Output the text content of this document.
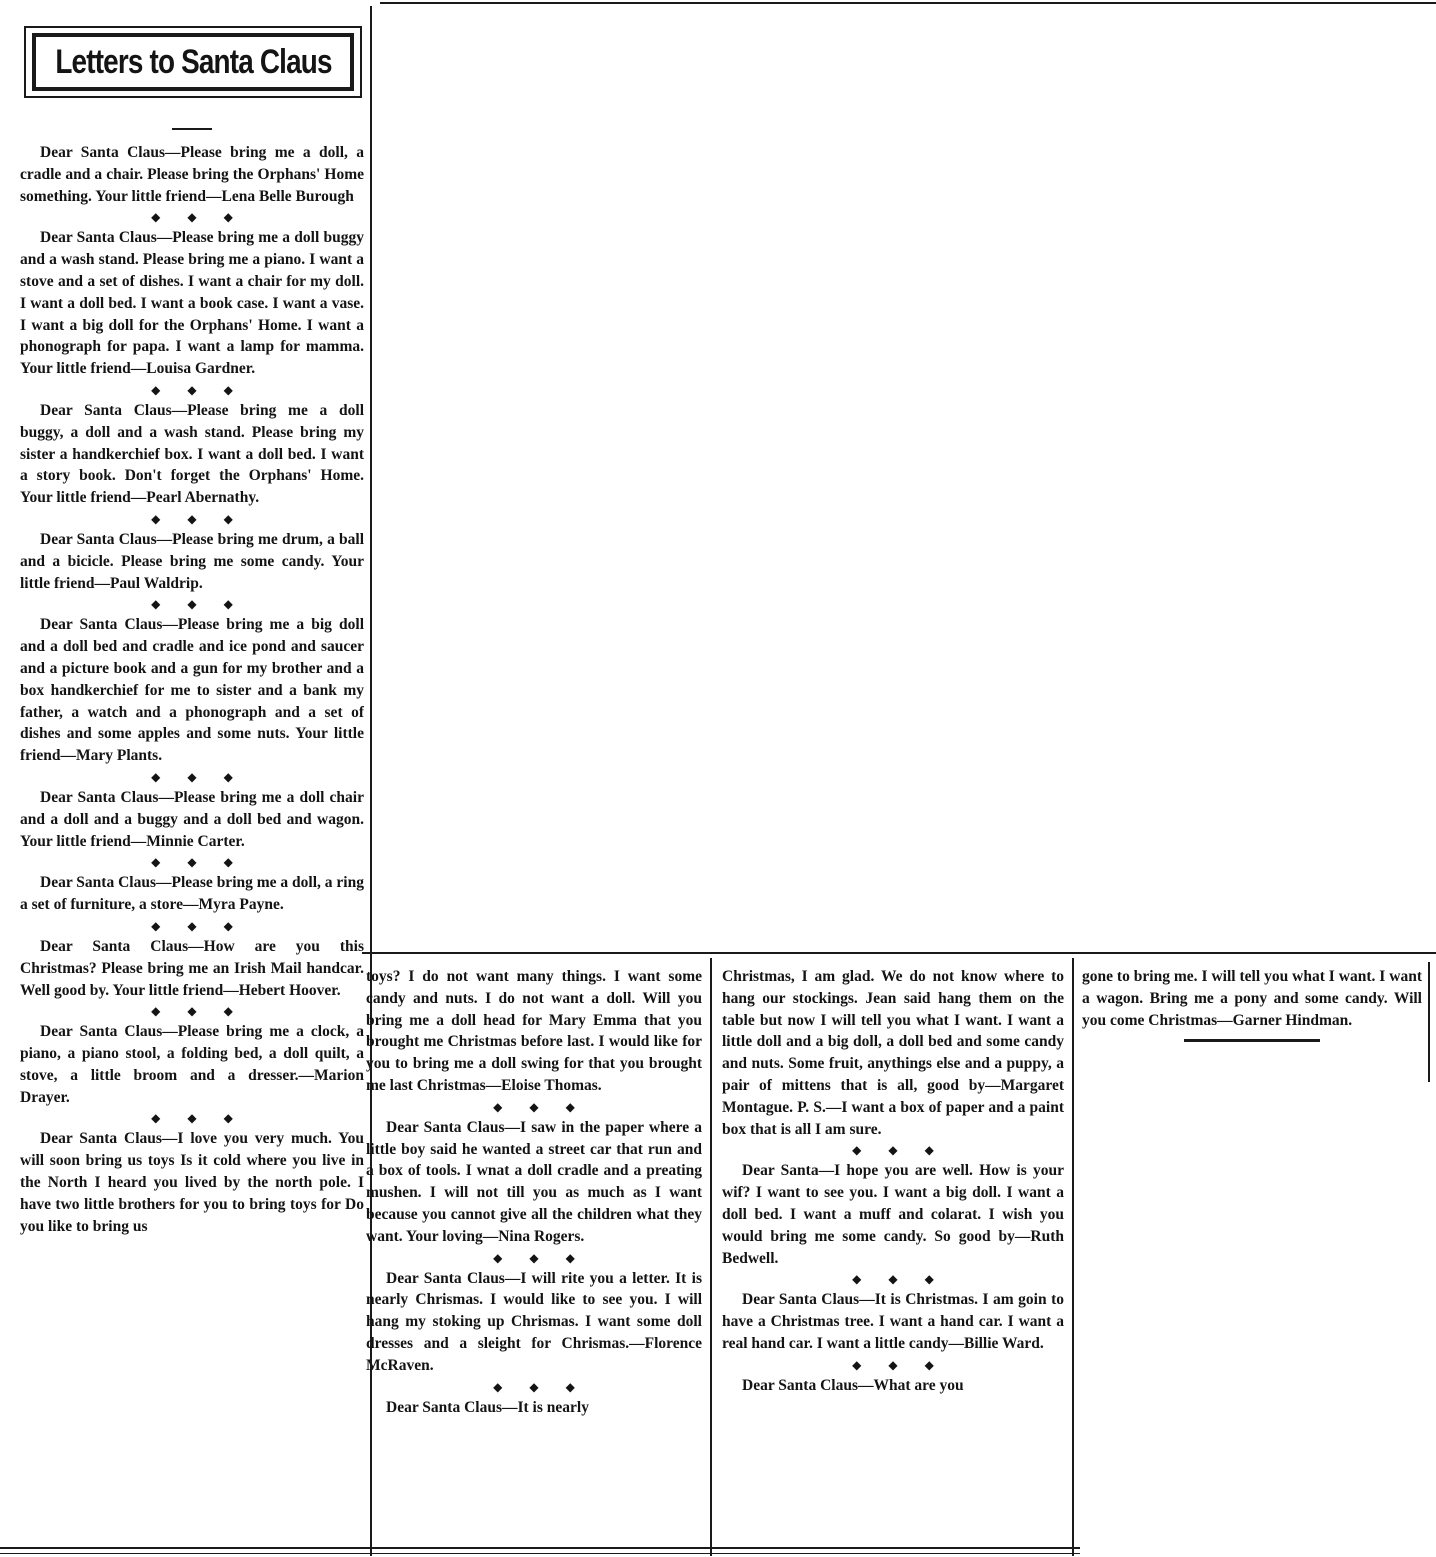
Letters to Santa Claus

Dear Santa Claus—Please bring me a doll, a cradle and a chair. Please bring the Orphans' Home something. Your little friend—Lena Belle Burough

◆ ◆ ◆

Dear Santa Claus—Please bring me a doll buggy and a wash stand. Please bring me a piano. I want a stove and a set of dishes. I want a chair for my doll. I want a doll bed. I want a book case. I want a vase. I want a big doll for the Orphans' Home. I want a phonograph for papa. I want a lamp for mamma. Your little friend—Louisa Gardner.

◆ ◆ ◆

Dear Santa Claus—Please bring me a doll buggy, a doll and a wash stand. Please bring my sister a handkerchief box. I want a doll bed. I want a story book. Don't forget the Orphans' Home. Your little friend—Pearl Abernathy.

◆ ◆ ◆

Dear Santa Claus—Please bring me drum, a ball and a bicicle. Please bring me some candy. Your little friend—Paul Waldrip.

◆ ◆ ◆

Dear Santa Claus—Please bring me a big doll and a doll bed and cradle and ice pond and saucer and a picture book and a gun for my brother and a box handkerchief for me to sister and a bank my father, a watch and a phonograph and a set of dishes and some apples and some nuts. Your little friend—Mary Plants.

◆ ◆ ◆

Dear Santa Claus—Please bring me a doll chair and a doll and a buggy and a doll bed and wagon. Your little friend—Minnie Carter.

◆ ◆ ◆

Dear Santa Claus—Please bring me a doll, a ring a set of furniture, a store—Myra Payne.

◆ ◆ ◆

Dear Santa Claus—How are you this Christmas? Please bring me an Irish Mail handcar. Well good by. Your little friend—Hebert Hoover.

◆ ◆ ◆

Dear Santa Claus—Please bring me a clock, a piano, a piano stool, a folding bed, a doll quilt, a stove, a little broom and a dresser.—Marion Drayer.

◆ ◆ ◆

Dear Santa Claus—I love you very much. You will soon bring us toys Is it cold where you live in the North I heard you lived by the north pole. I have two little brothers for you to bring toys for Do you like to bring us

toys? I do not want many things. I want some candy and nuts. I do not want a doll. Will you bring me a doll head for Mary Emma that you brought me Christmas before last. I would like for you to bring me a doll swing for that you brought me last Christmas—Eloise Thomas.

◆ ◆ ◆

Dear Santa Claus—I saw in the paper where a little boy said he wanted a street car that run and a box of tools. I wnat a doll cradle and a preating mushen. I will not till you as much as I want because you cannot give all the children what they want. Your loving—Nina Rogers.

◆ ◆ ◆

Dear Santa Claus—I will rite you a letter. It is nearly Chrismas. I would like to see you. I will hang my stoking up Chrismas. I want some doll dresses and a sleight for Chrismas.—Florence McRaven.

◆ ◆ ◆

Dear Santa Claus—It is nearly

Christmas, I am glad. We do not know where to hang our stockings. Jean said hang them on the table but now I will tell you what I want. I want a little doll and a big doll, a doll bed and some candy and nuts. Some fruit, anythings else and a puppy, a pair of mittens that is all, good by—Margaret Montague. P. S.—I want a box of paper and a paint box that is all I am sure.

◆ ◆ ◆

Dear Santa—I hope you are well. How is your wif? I want to see you. I want a big doll. I want a doll bed. I want a muff and colarat. I wish you would bring me some candy. So good by—Ruth Bedwell.

◆ ◆ ◆

Dear Santa Claus—It is Christmas. I am goin to have a Christmas tree. I want a hand car. I want a real hand car. I want a little candy—Billie Ward.

◆ ◆ ◆

Dear Santa Claus—What are you

gone to bring me. I will tell you what I want. I want a wagon. Bring me a pony and some candy. Will you come Christmas—Garner Hindman.
